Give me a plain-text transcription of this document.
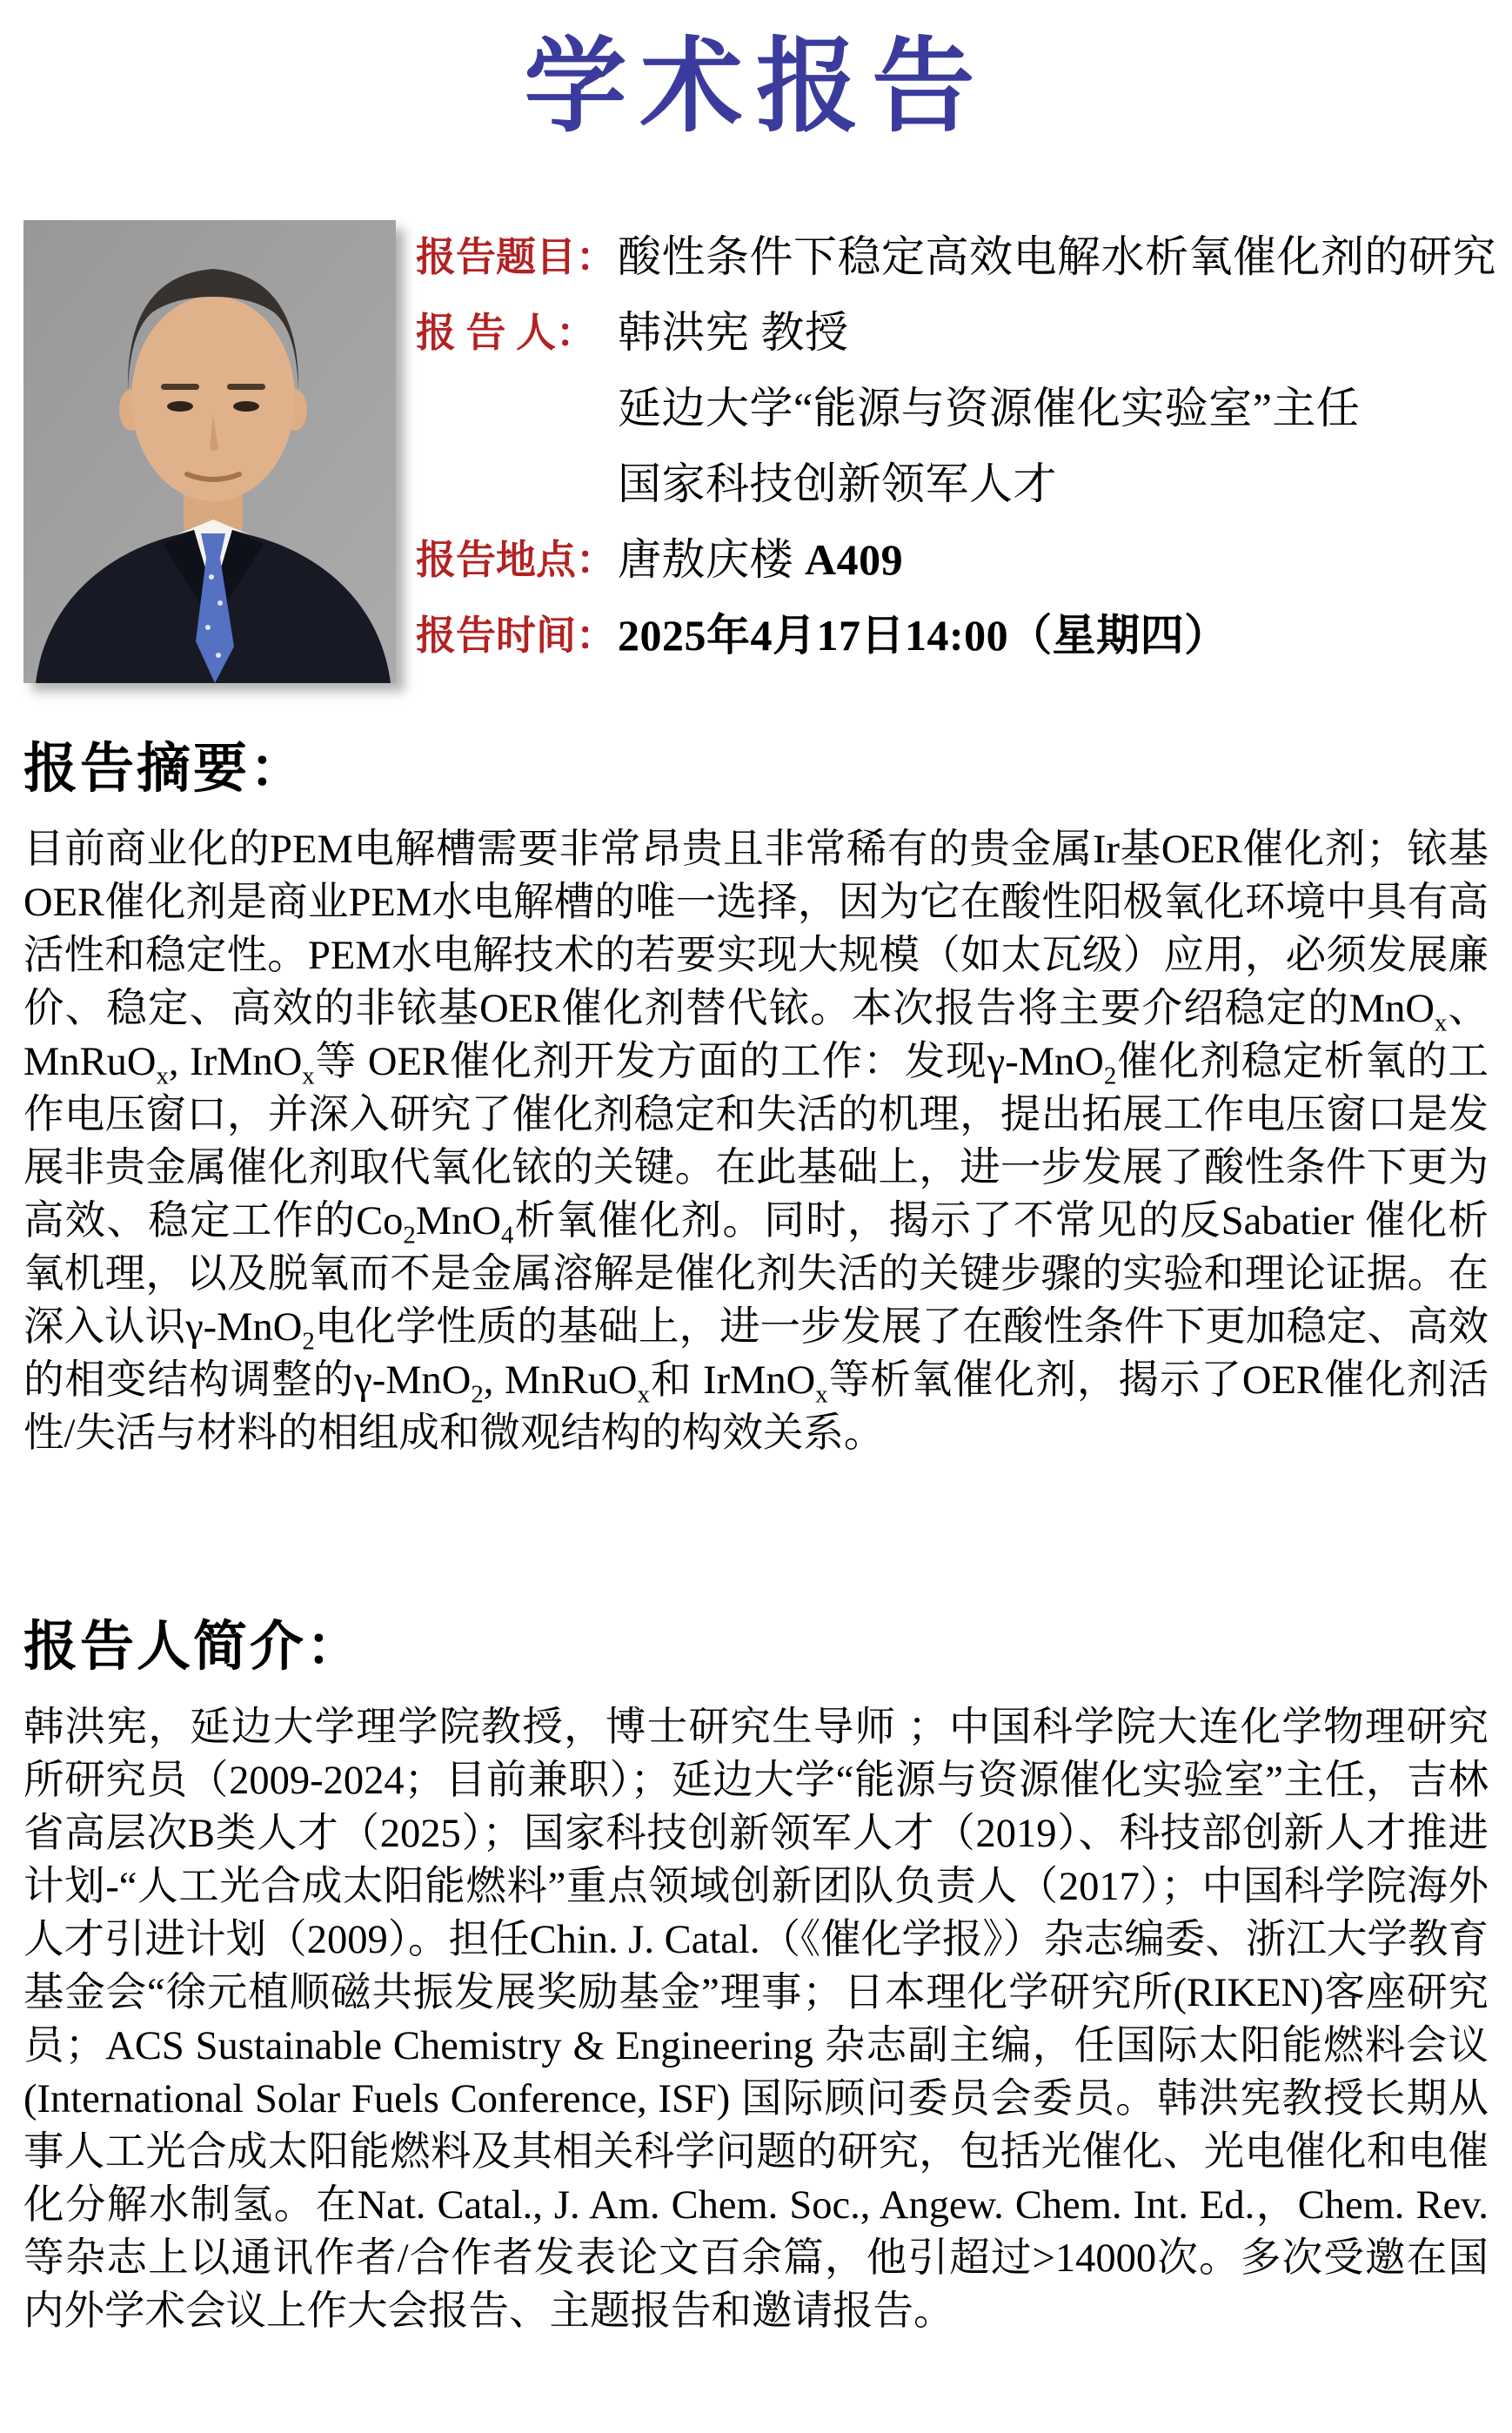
学术报告
报告题目： 酸性条件下稳定高效电解水析氧催化剂的研究
报 告 人： 韩洪宪 教授

延边大学“能源与资源催化实验室”主任

国家科技创新领军人才
报告地点： 唐敖庆楼 A409
报告时间： 2025年4月17日14:00（星期四）
报告摘要：

目前商业化的PEM电解槽需要非常昂贵且非常稀有的贵金属Ir基OER催化剂；铱基OER催化剂是商业PEM水电解槽的唯一选择，因为它在酸性阳极氧化环境中具有高活性和稳定性。PEM水电解技术的若要实现大规模（如太瓦级）应用，必须发展廉价、稳定、高效的非铱基OER催化剂替代铱。本次报告将主要介绍稳定的MnO$_x$、MnRuO$_x$, IrMnO$_x$等 OER催化剂开发方面的工作：发现γ-MnO$_2$催化剂稳定析氧的工作电压窗口，并深入研究了催化剂稳定和失活的机理，提出拓展工作电压窗口是发展非贵金属催化剂取代氧化铱的关键。在此基础上，进一步发展了酸性条件下更为高效、稳定工作的$Co_2MnO_4$析氧催化剂。同时，揭示了不常见的反Sabatier 催化析氧机理，以及脱氧而不是金属溶解是催化剂失活的关键步骤的实验和理论证据。在深入认识γ-MnO$_2$电化学性质的基础上，进一步发展了在酸性条件下更加稳定、高效的相变结构调整的γ-MnO$_2$, MnRuO$_x$和 IrMnO$_x$等析氧催化剂，揭示了OER催化剂活性/失活与材料的相组成和微观结构的构效关系。

报告人简介：

韩洪宪，延边大学理学院教授，博士研究生导师 ；中国科学院大连化学物理研究所研究员（2009-2024；目前兼职）；延边大学“能源与资源催化实验室”主任，吉林省高层次B类人才（2025）；国家科技创新领军人才（2019）、科技部创新人才推进计划-“人工光合成太阳能燃料”重点领域创新团队负责人（2017）；中国科学院海外人才引进计划（2009）。担任Chin. J. Catal.（《催化学报》）杂志编委、浙江大学教育基金会“徐元植顺磁共振发展奖励基金”理事；日本理化学研究所(RIKEN)客座研究员；ACS Sustainable Chemistry & Engineering 杂志副主编，任国际太阳能燃料会议 (International Solar Fuels Conference, ISF) 国际顾问委员会委员。韩洪宪教授长期从事人工光合成太阳能燃料及其相关科学问题的研究，包括光催化、光电催化和电催化分解水制氢。在Nat. Catal., J. Am. Chem. Soc., Angew. Chem. Int. Ed.，Chem. Rev.等杂志上以通讯作者/合作者发表论文百余篇，他引超过>14000次。多次受邀在国内外学术会议上作大会报告、主题报告和邀请报告。
